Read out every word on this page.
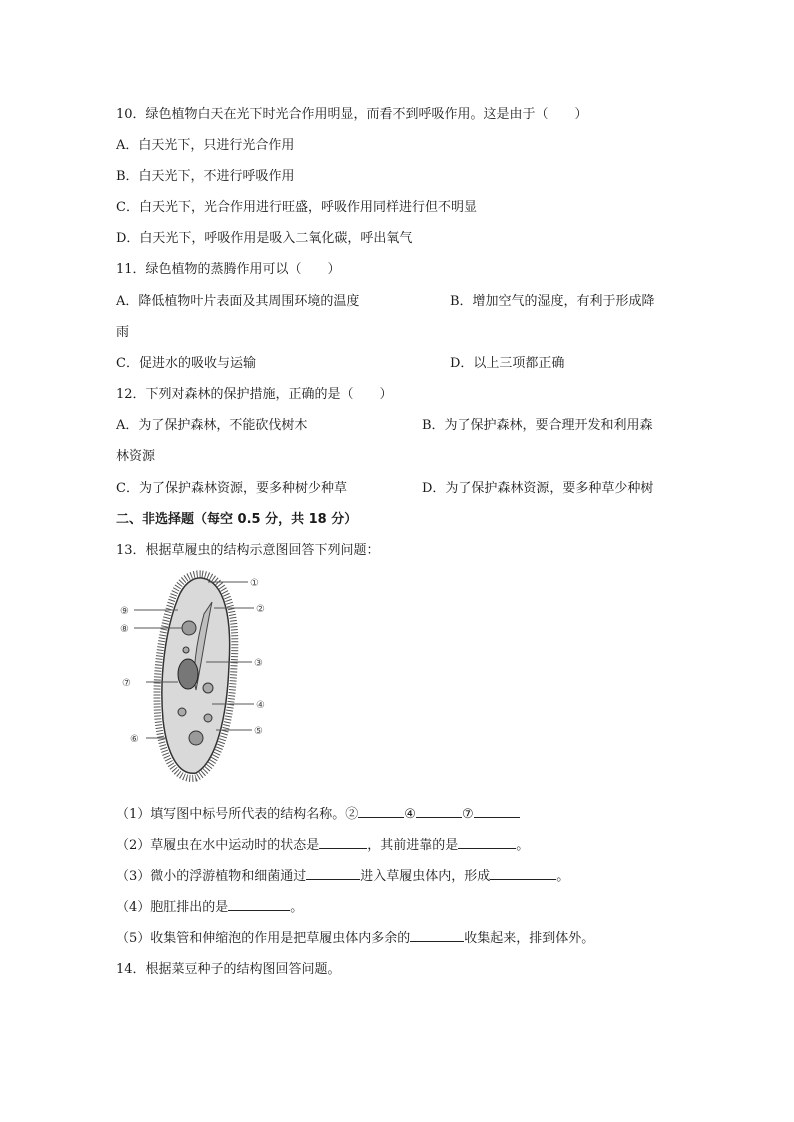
10．绿色植物白天在光下时光合作用明显，而看不到呼吸作用。这是由于（　　）
A．白天光下，只进行光合作用
B．白天光下，不进行呼吸作用
C．白天光下，光合作用进行旺盛，呼吸作用同样进行但不明显
D．白天光下，呼吸作用是吸入二氧化碳，呼出氧气
11．绿色植物的蒸腾作用可以（　　）
A．降低植物叶片表面及其周围环境的温度	B．增加空气的湿度，有利于形成降
雨
C．促进水的吸收与运输	D．以上三项都正确
12．下列对森林的保护措施，正确的是（　　）
A．为了保护森林，不能砍伐树木	B．为了保护森林，要合理开发和利用森
林资源
C．为了保护森林资源，要多种树少种草	D．为了保护森林资源，要多种草少种树
二、非选择题（每空 0.5 分，共 18 分）
13．根据草履虫的结构示意图回答下列问题：
①
②
③
④
⑤
⑥
⑦
⑧
⑨
（1）填写图中标号所代表的结构名称。②	④	⑦
（2）草履虫在水中运动时的状态是	，其前进靠的是	。
（3）微小的浮游植物和细菌通过	进入草履虫体内，形成	。
（4）胞肛排出的是	。
（5）收集管和伸缩泡的作用是把草履虫体内多余的	收集起来，排到体外。
14．根据菜豆种子的结构图回答问题。
